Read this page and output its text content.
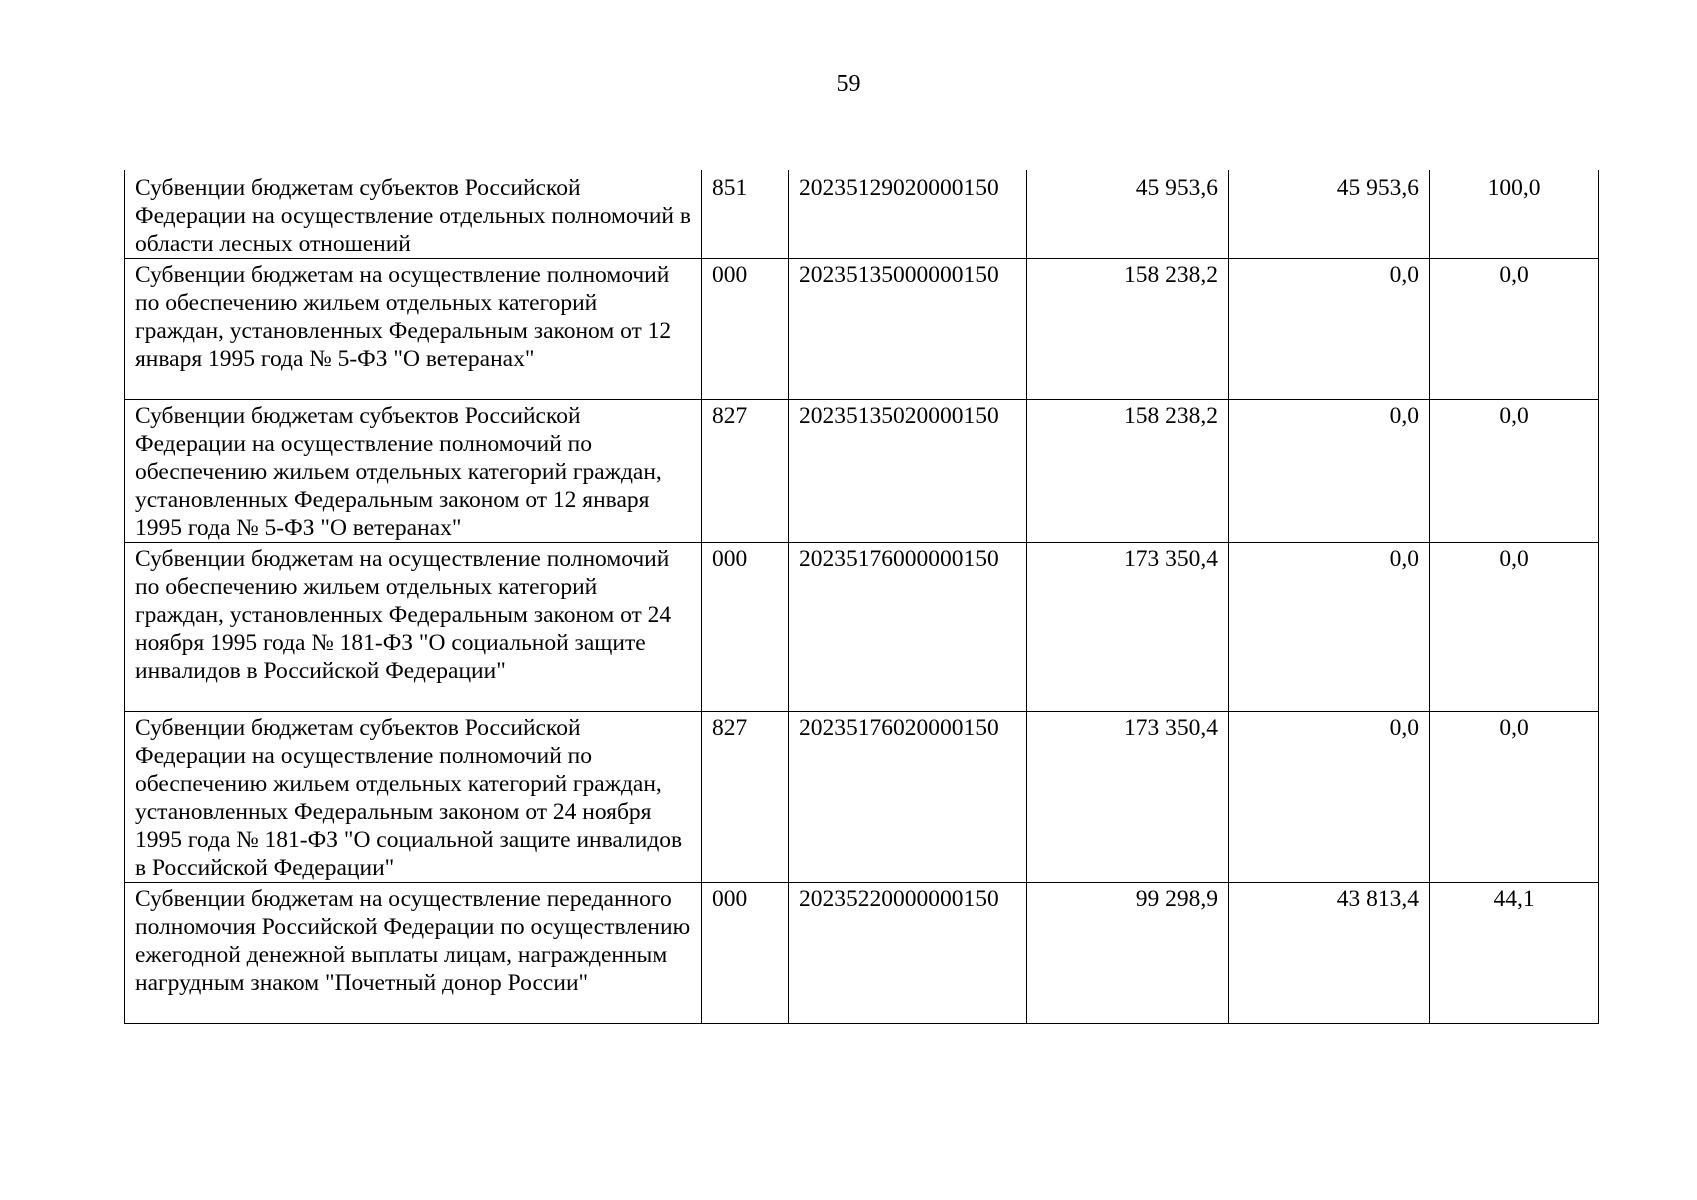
59
Субвенции бюджетам субъектов Российской Федерации на осуществление отдельных полномочий в области лесных отношений	851	20235129020000150	45 953,6	45 953,6	100,0
Субвенции бюджетам на осуществление полномочий по обеспечению жильем отдельных категорий граждан, установленных Федеральным законом от 12 января 1995 года № 5-ФЗ "О ветеранах"	000	20235135000000150	158 238,2	0,0	0,0
Субвенции бюджетам субъектов Российской Федерации на осуществление полномочий по обеспечению жильем отдельных категорий граждан, установленных Федеральным законом от 12 января 1995 года № 5-ФЗ "О ветеранах"	827	20235135020000150	158 238,2	0,0	0,0
Субвенции бюджетам на осуществление полномочий по обеспечению жильем отдельных категорий граждан, установленных Федеральным законом от 24 ноября 1995 года № 181-ФЗ "О социальной защите инвалидов в Российской Федерации"	000	20235176000000150	173 350,4	0,0	0,0
Субвенции бюджетам субъектов Российской Федерации на осуществление полномочий по обеспечению жильем отдельных категорий граждан, установленных Федеральным законом от 24 ноября 1995 года № 181-ФЗ "О социальной защите инвалидов в Российской Федерации"	827	20235176020000150	173 350,4	0,0	0,0
Субвенции бюджетам на осуществление переданного полномочия Российской Федерации по осуществлению ежегодной денежной выплаты лицам, награжденным нагрудным знаком "Почетный донор России"	000	20235220000000150	99 298,9	43 813,4	44,1
